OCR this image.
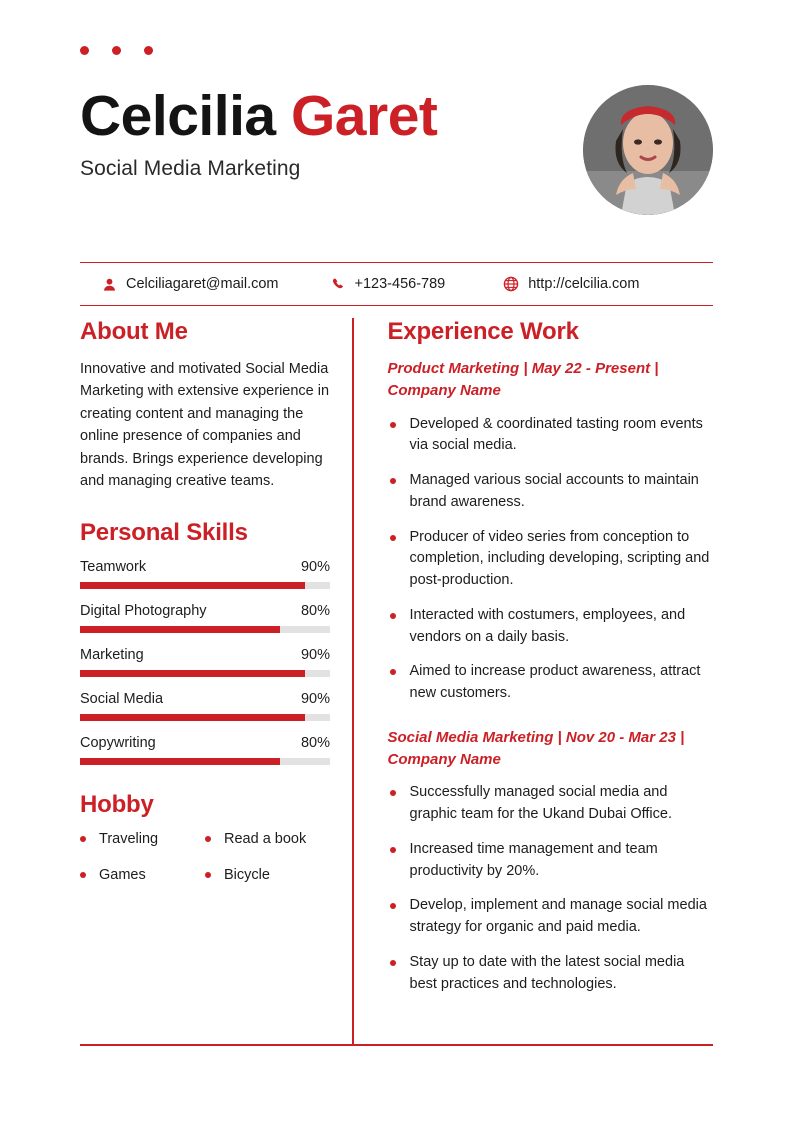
Celcilia Garet
Social Media Marketing
Celciliagaret@mail.com	+123-456-789	http://celcilia.com
About Me

Innovative and motivated Social Media Marketing with extensive experience in creating content and managing the online presence of companies and brands. Brings experience developing and managing creative teams.

Personal Skills
Teamwork	90%
Digital Photography	80%
Marketing	90%
Social Media	90%
Copywriting	80%
Hobby
Traveling	Read a book
Games	Bicycle
Experience Work
Product Marketing | May 22 - Present | Company Name
Developed & coordinated tasting room events via social media.
Managed various social accounts to maintain brand awareness.
Producer of video series from conception to completion, including developing, scripting and post-production.
Interacted with costumers, employees, and vendors on a daily basis.
Aimed to increase product awareness, attract new customers.
Social Media Marketing | Nov 20 - Mar 23 | Company Name
Successfully managed social media and graphic team for the Ukand Dubai Office.
Increased time management and team productivity by 20%.
Develop, implement and manage social media strategy for organic and paid media.
Stay up to date with the latest social media best practices and technologies.
